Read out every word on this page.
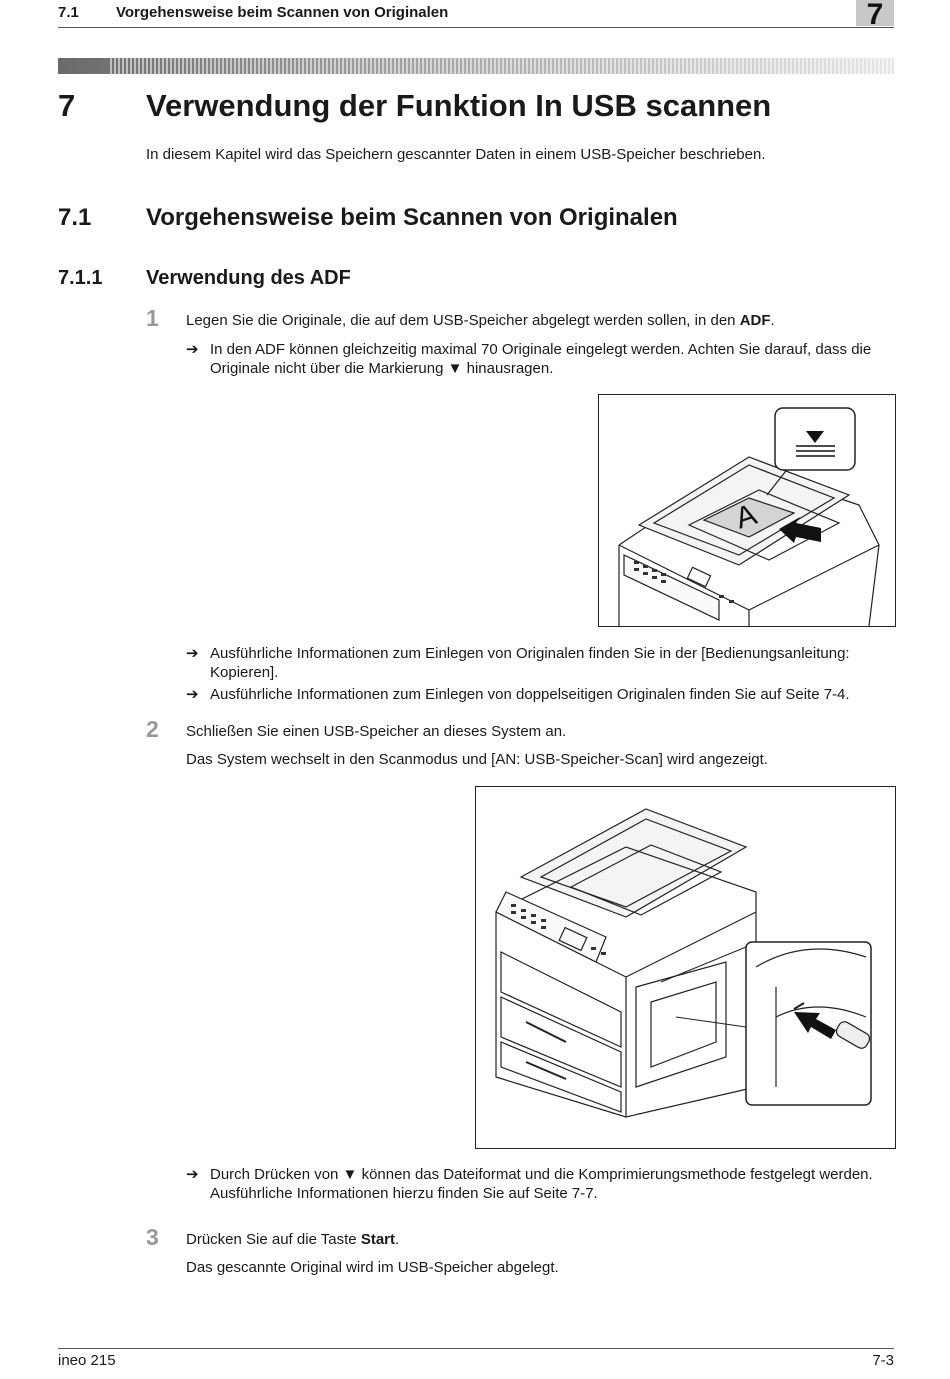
7.1 Vorgehensweise beim Scannen von Originalen	7
7 Verwendung der Funktion In USB scannen
In diesem Kapitel wird das Speichern gescannter Daten in einem USB-Speicher beschrieben.
7.1 Vorgehensweise beim Scannen von Originalen
7.1.1 Verwendung des ADF
1 Legen Sie die Originale, die auf dem USB-Speicher abgelegt werden sollen, in den ADF.
➔ In den ADF können gleichzeitig maximal 70 Originale eingelegt werden. Achten Sie darauf, dass die Originale nicht über die Markierung ▼ hinausragen.
A
➔ Ausführliche Informationen zum Einlegen von Originalen finden Sie in der [Bedienungsanleitung: Kopieren].
➔ Ausführliche Informationen zum Einlegen von doppelseitigen Originalen finden Sie auf Seite 7-4.
2 Schließen Sie einen USB-Speicher an dieses System an.
Das System wechselt in den Scanmodus und [AN: USB-Speicher-Scan] wird angezeigt.
➔ Durch Drücken von ▼ können das Dateiformat und die Komprimierungsmethode festgelegt werden. Ausführliche Informationen hierzu finden Sie auf Seite 7-7.
3 Drücken Sie auf die Taste Start.
Das gescannte Original wird im USB-Speicher abgelegt.
ineo 215	7-3
